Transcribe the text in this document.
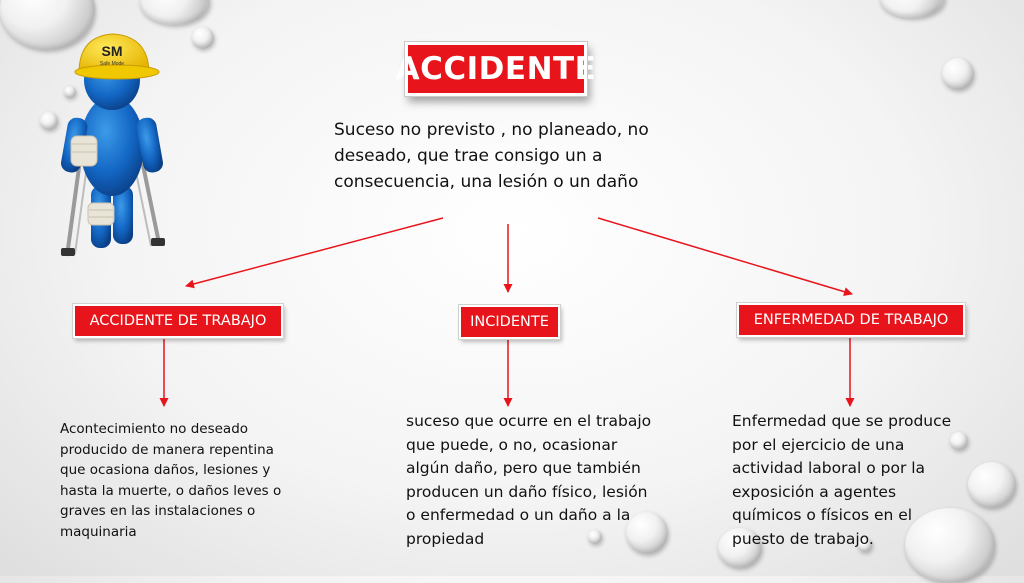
SM
Safe Mode	ACCIDENTE
Suceso no previsto , no planeado, no deseado, que trae consigo un a consecuencia, una lesión o un daño
ACCIDENTE DE TRABAJO	INCIDENTE	ENFERMEDAD DE TRABAJO
Acontecimiento no deseado producido de manera repentina que ocasiona daños, lesiones y hasta la muerte, o daños leves o graves en las instalaciones o maquinaria
suceso que ocurre en el trabajo que puede, o no, ocasionar algún daño, pero que también producen un daño físico, lesión o enfermedad o un daño a la propiedad
Enfermedad que se produce por el ejercicio de una actividad laboral o por la exposición a agentes químicos o físicos en el puesto de trabajo.
